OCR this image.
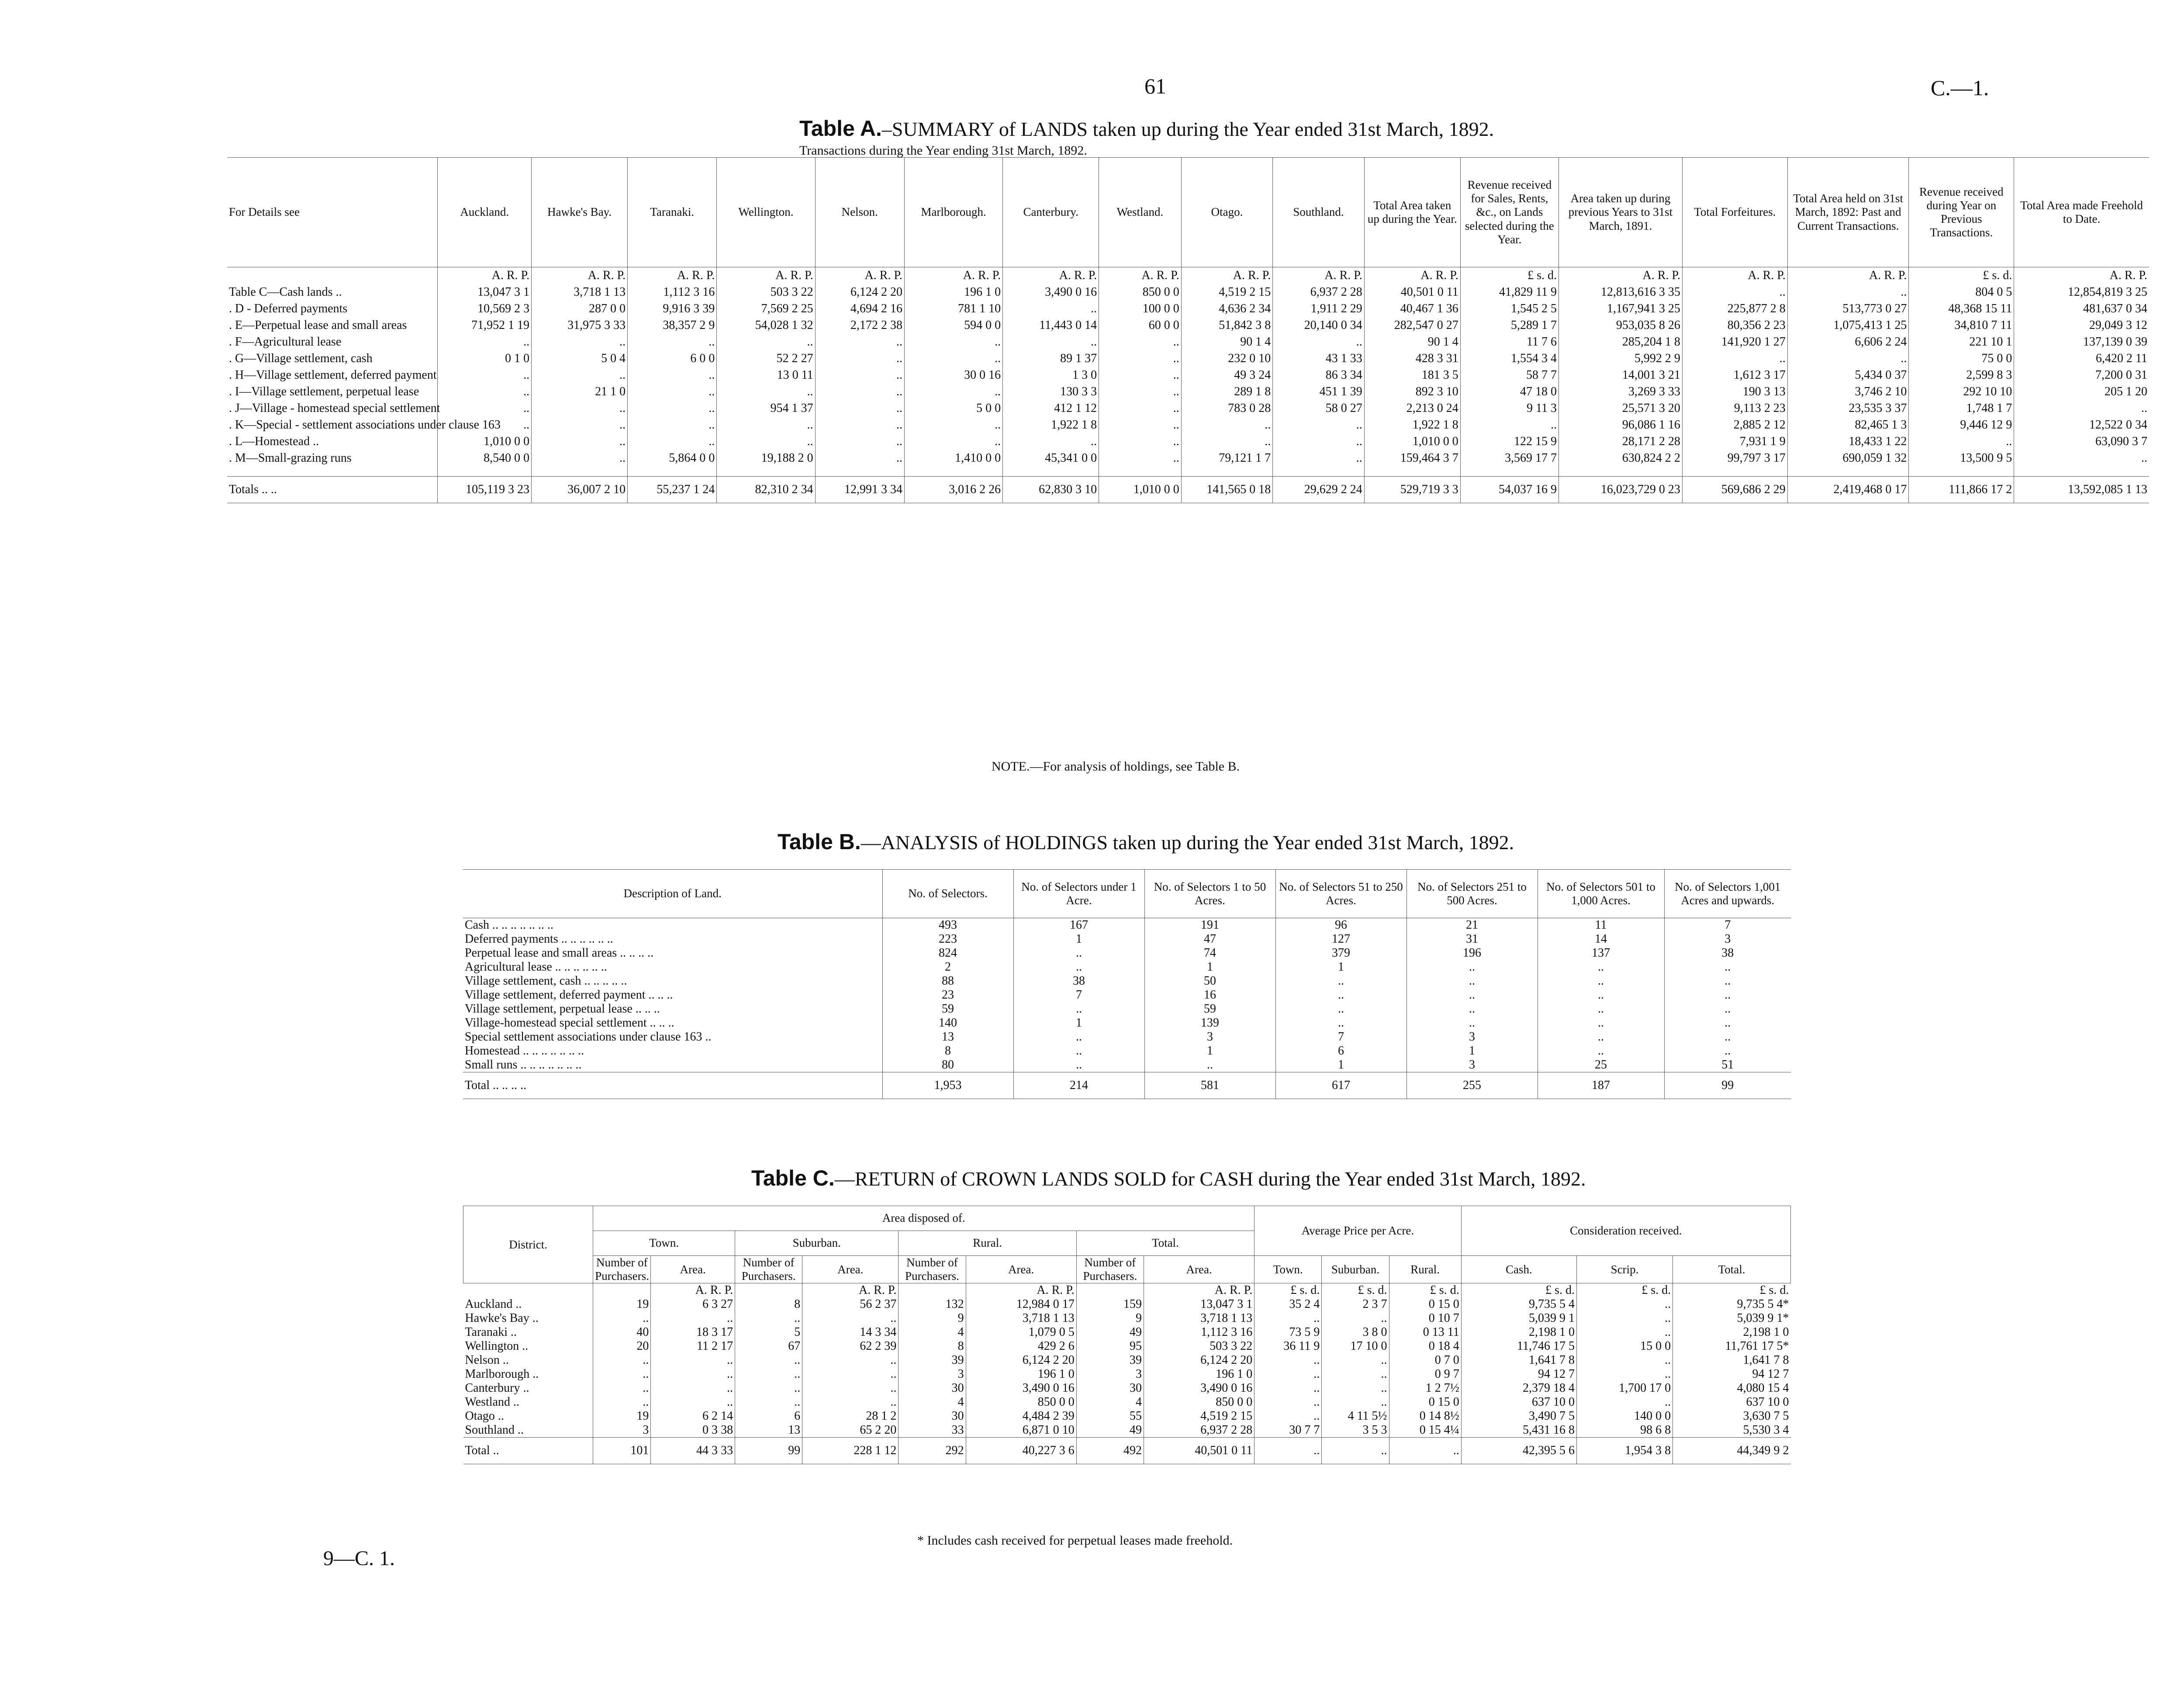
61	C.—1.
9—C. 1.
Table A.–SUMMARY of LANDS taken up during the Year ended 31st March, 1892.
Transactions during the Year ending 31st March, 1892.
For Details see	Auckland.	Hawke's Bay.	Taranaki.	Wellington.	Nelson.	Marlborough.	Canterbury.	Westland.	Otago.	Southland.	Total Area taken up during the Year.	Revenue received for Sales, Rents, &c., on Lands selected during the Year.	Area taken up during previous Years to 31st March, 1891.	Total Forfeitures.	Total Area held on 31st March, 1892: Past and Current Transactions.	Revenue received during Year on Previous Transactions.	Total Area made Freehold to Date.
	A. R. P.	A. R. P.	A. R. P.	A. R. P.	A. R. P.	A. R. P.	A. R. P.	A. R. P.	A. R. P.	A. R. P.	A. R. P.	£ s. d.	A. R. P.	A. R. P.	A. R. P.	£ s. d.	A. R. P.
Table C—Cash lands ..	13,047 3 1	3,718 1 13	1,112 3 16	503 3 22	6,124 2 20	196 1 0	3,490 0 16	850 0 0	4,519 2 15	6,937 2 28	40,501 0 11	41,829 11 9	12,813,616 3 35	..	..	804 0 5	12,854,819 3 25
. D - Deferred payments	10,569 2 3	287 0 0	9,916 3 39	7,569 2 25	4,694 2 16	781 1 10	..	100 0 0	4,636 2 34	1,911 2 29	40,467 1 36	1,545 2 5	1,167,941 3 25	225,877 2 8	513,773 0 27	48,368 15 11	481,637 0 34
. E—Perpetual lease and small areas	71,952 1 19	31,975 3 33	38,357 2 9	54,028 1 32	2,172 2 38	594 0 0	11,443 0 14	60 0 0	51,842 3 8	20,140 0 34	282,547 0 27	5,289 1 7	953,035 8 26	80,356 2 23	1,075,413 1 25	34,810 7 11	29,049 3 12
. F—Agricultural lease	..	..	..	..	..	..	..	..	90 1 4	..	90 1 4	11 7 6	285,204 1 8	141,920 1 27	6,606 2 24	221 10 1	137,139 0 39
. G—Village settlement, cash	0 1 0	5 0 4	6 0 0	52 2 27	..	..	89 1 37	..	232 0 10	43 1 33	428 3 31	1,554 3 4	5,992 2 9	..	..	75 0 0	6,420 2 11
. H—Village settlement, deferred payment	..	..	..	13 0 11	..	30 0 16	1 3 0	..	49 3 24	86 3 34	181 3 5	58 7 7	14,001 3 21	1,612 3 17	5,434 0 37	2,599 8 3	7,200 0 31
. I—Village settlement, perpetual lease	..	21 1 0	..	..	..	..	130 3 3	..	289 1 8	451 1 39	892 3 10	47 18 0	3,269 3 33	190 3 13	3,746 2 10	292 10 10	205 1 20
. J—Village - homestead special settlement	..	..	..	954 1 37	..	5 0 0	412 1 12	..	783 0 28	58 0 27	2,213 0 24	9 11 3	25,571 3 20	9,113 2 23	23,535 3 37	1,748 1 7	..
. K—Special - settlement associations under clause 163	..	..	..	..	..	..	1,922 1 8	..	..	..	1,922 1 8	..	96,086 1 16	2,885 2 12	82,465 1 3	9,446 12 9	12,522 0 34
. L—Homestead ..	1,010 0 0	..	..	..	..	..	..	..	..	..	1,010 0 0	122 15 9	28,171 2 28	7,931 1 9	18,433 1 22	..	63,090 3 7
. M—Small-grazing runs	8,540 0 0	..	5,864 0 0	19,188 2 0	..	1,410 0 0	45,341 0 0	..	79,121 1 7	..	159,464 3 7	3,569 17 7	630,824 2 2	99,797 3 17	690,059 1 32	13,500 9 5	..

Totals .. ..	105,119 3 23	36,007 2 10	55,237 1 24	82,310 2 34	12,991 3 34	3,016 2 26	62,830 3 10	1,010 0 0	141,565 0 18	29,629 2 24	529,719 3 3	54,037 16 9	16,023,729 0 23	569,686 2 29	2,419,468 0 17	111,866 17 2	13,592,085 1 13
NOTE.—For analysis of holdings, see Table B.
Table B.—ANALYSIS of HOLDINGS taken up during the Year ended 31st March, 1892.
Description of Land.	No. of Selectors.	No. of Selectors under 1 Acre.	No. of Selectors 1 to 50 Acres.	No. of Selectors 51 to 250 Acres.	No. of Selectors 251 to 500 Acres.	No. of Selectors 501 to 1,000 Acres.	No. of Selectors 1,001 Acres and upwards.
Cash .. .. .. .. .. .. ..	493	167	191	96	21	11	7
Deferred payments .. .. .. .. .. ..	223	1	47	127	31	14	3
Perpetual lease and small areas .. .. .. ..	824	..	74	379	196	137	38
Agricultural lease .. .. .. .. .. ..	2	..	1	1	..	..	..
Village settlement, cash .. .. .. .. ..	88	38	50	..	..	..	..
Village settlement, deferred payment .. .. ..	23	7	16	..	..	..	..
Village settlement, perpetual lease .. .. ..	59	..	59	..	..	..	..
Village-homestead special settlement .. .. ..	140	1	139	..	..	..	..
Special settlement associations under clause 163 ..	13	..	3	7	3	..	..
Homestead .. .. .. .. .. .. ..	8	..	1	6	1	..	..
Small runs .. .. .. .. .. .. ..	80	..	..	1	3	25	51
Total .. .. .. ..	1,953	214	581	617	255	187	99
Table C.—RETURN of CROWN LANDS SOLD for CASH during the Year ended 31st March, 1892.
District.	Area disposed of.								Average Price per Acre.			Consideration received.		
	Town.		Suburban.		Rural.		Total.							
	Number of Purchasers.	Area.	Number of Purchasers.	Area.	Number of Purchasers.	Area.	Number of Purchasers.	Area.	Town.	Suburban.	Rural.	Cash.	Scrip.	Total.
		A. R. P.		A. R. P.		A. R. P.		A. R. P.	£ s. d.	£ s. d.	£ s. d.	£ s. d.	£ s. d.	£ s. d.
Auckland ..	19	6 3 27	8	56 2 37	132	12,984 0 17	159	13,047 3 1	35 2 4	2 3 7	0 15 0	9,735 5 4	..	9,735 5 4*
Hawke's Bay ..	..	..	..	..	9	3,718 1 13	9	3,718 1 13	..	..	0 10 7	5,039 9 1	..	5,039 9 1*
Taranaki ..	40	18 3 17	5	14 3 34	4	1,079 0 5	49	1,112 3 16	73 5 9	3 8 0	0 13 11	2,198 1 0	..	2,198 1 0
Wellington ..	20	11 2 17	67	62 2 39	8	429 2 6	95	503 3 22	36 11 9	17 10 0	0 18 4	11,746 17 5	15 0 0	11,761 17 5*
Nelson ..	..	..	..	..	39	6,124 2 20	39	6,124 2 20	..	..	0 7 0	1,641 7 8	..	1,641 7 8
Marlborough ..	..	..	..	..	3	196 1 0	3	196 1 0	..	..	0 9 7	94 12 7	..	94 12 7
Canterbury ..	..	..	..	..	30	3,490 0 16	30	3,490 0 16	..	..	1 2 7½	2,379 18 4	1,700 17 0	4,080 15 4
Westland ..	..	..	..	..	4	850 0 0	4	850 0 0	..	..	0 15 0	637 10 0	..	637 10 0
Otago ..	19	6 2 14	6	28 1 2	30	4,484 2 39	55	4,519 2 15	..	4 11 5½	0 14 8½	3,490 7 5	140 0 0	3,630 7 5
Southland ..	3	0 3 38	13	65 2 20	33	6,871 0 10	49	6,937 2 28	30 7 7	3 5 3	0 15 4¼	5,431 16 8	98 6 8	5,530 3 4
Total ..	101	44 3 33	99	228 1 12	292	40,227 3 6	492	40,501 0 11	..	..	..	42,395 5 6	1,954 3 8	44,349 9 2
* Includes cash received for perpetual leases made freehold.
